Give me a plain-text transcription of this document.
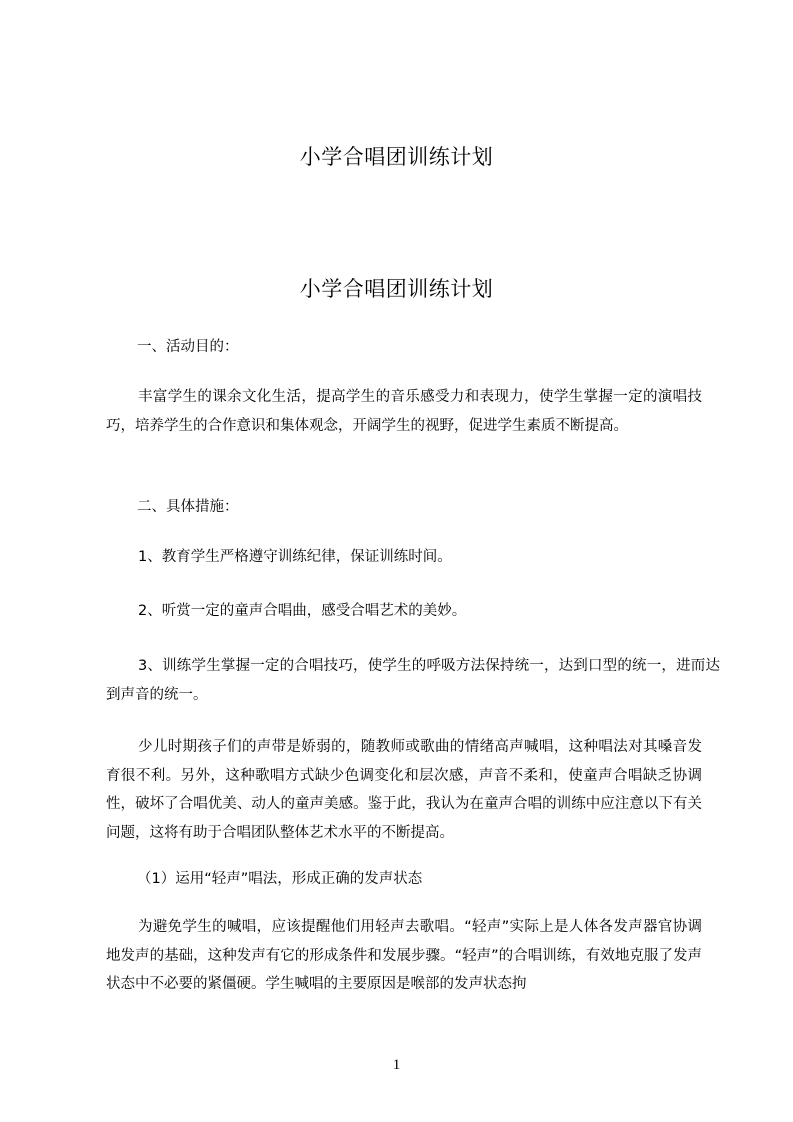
小学合唱团训练计划
小学合唱团训练计划
一、活动目的：
丰富学生的课余文化生活，提高学生的音乐感受力和表现力，使学生掌握一定的演唱技巧，培养学生的合作意识和集体观念，开阔学生的视野，促进学生素质不断提高。
二、具体措施：
1、教育学生严格遵守训练纪律，保证训练时间。
2、听赏一定的童声合唱曲，感受合唱艺术的美妙。
3、训练学生掌握一定的合唱技巧，使学生的呼吸方法保持统一，达到口型的统一，进而达到声音的统一。
少儿时期孩子们的声带是娇弱的，随教师或歌曲的情绪高声喊唱，这种唱法对其嗓音发育很不利。另外，这种歌唱方式缺少色调变化和层次感，声音不柔和，使童声合唱缺乏协调性，破坏了合唱优美、动人的童声美感。鉴于此，我认为在童声合唱的训练中应注意以下有关问题，这将有助于合唱团队整体艺术水平的不断提高。
（1）运用“轻声”唱法，形成正确的发声状态
为避免学生的喊唱，应该提醒他们用轻声去歌唱。“轻声”实际上是人体各发声器官协调地发声的基础，这种发声有它的形成条件和发展步骤。“轻声”的合唱训练，有效地克服了发声状态中不必要的紧僵硬。学生喊唱的主要原因是喉部的发声状态拘
1
